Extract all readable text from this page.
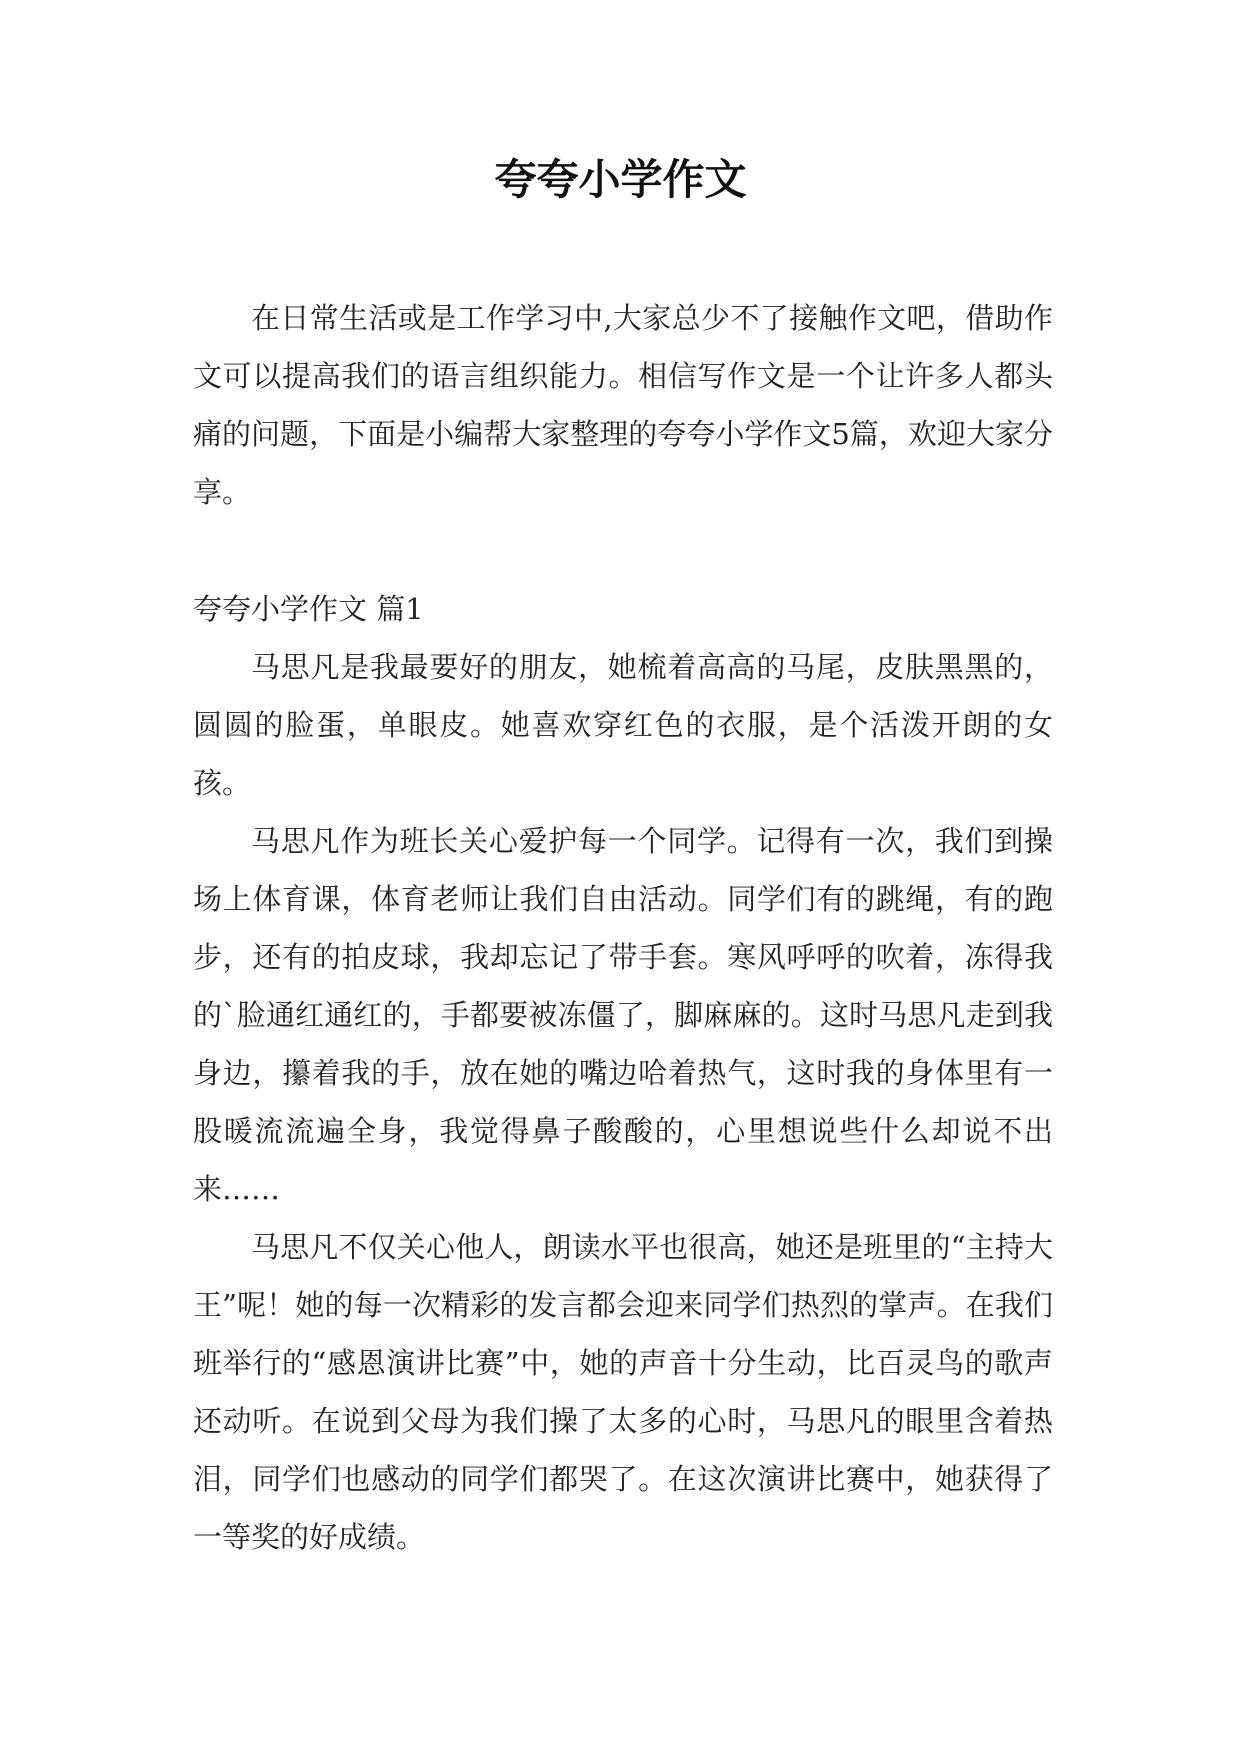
夸夸小学作文

在日常生活或是工作学习中,大家总少不了接触作文吧，借助作文可以提高我们的语言组织能力。相信写作文是一个让许多人都头痛的问题，下面是小编帮大家整理的夸夸小学作文5篇，欢迎大家分享。

夸夸小学作文 篇1

马思凡是我最要好的朋友，她梳着高高的马尾，皮肤黑黑的，圆圆的脸蛋，单眼皮。她喜欢穿红色的衣服，是个活泼开朗的女孩。

马思凡作为班长关心爱护每一个同学。记得有一次，我们到操场上体育课，体育老师让我们自由活动。同学们有的跳绳，有的跑步，还有的拍皮球，我却忘记了带手套。寒风呼呼的吹着，冻得我的`脸通红通红的，手都要被冻僵了，脚麻麻的。这时马思凡走到我身边，攥着我的手，放在她的嘴边哈着热气，这时我的身体里有一股暖流流遍全身，我觉得鼻子酸酸的，心里想说些什么却说不出来……

马思凡不仅关心他人，朗读水平也很高，她还是班里的“主持大王”呢！她的每一次精彩的发言都会迎来同学们热烈的掌声。在我们班举行的“感恩演讲比赛”中，她的声音十分生动，比百灵鸟的歌声还动听。在说到父母为我们操了太多的心时，马思凡的眼里含着热泪，同学们也感动的同学们都哭了。在这次演讲比赛中，她获得了一等奖的好成绩。
